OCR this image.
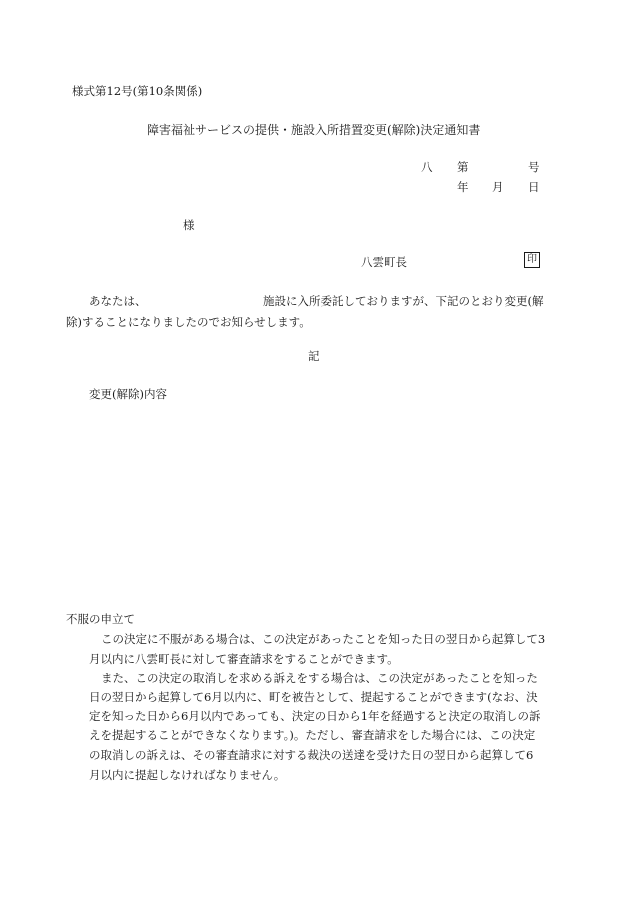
様式第12号(第10条関係)
障害福祉サービスの提供・施設入所措置変更(解除)決定通知書
八 第	号
年 月 日
様
八雲町長	印
あなたは、	施設に入所委託しておりますが、下記のとおり変更(解
除)することになりましたのでお知らせします。
記
変更(解除)内容
不服の申立て
この決定に不服がある場合は、この決定があったことを知った日の翌日から起算して3
月以内に八雲町長に対して審査請求をすることができます。
また、この決定の取消しを求める訴えをする場合は、この決定があったことを知った
日の翌日から起算して6月以内に、町を被告として、提起することができます(なお、決
定を知った日から6月以内であっても、決定の日から1年を経過すると決定の取消しの訴
えを提起することができなくなります。)。ただし、審査請求をした場合には、この決定
の取消しの訴えは、その審査請求に対する裁決の送達を受けた日の翌日から起算して6
月以内に提起しなければなりません。
